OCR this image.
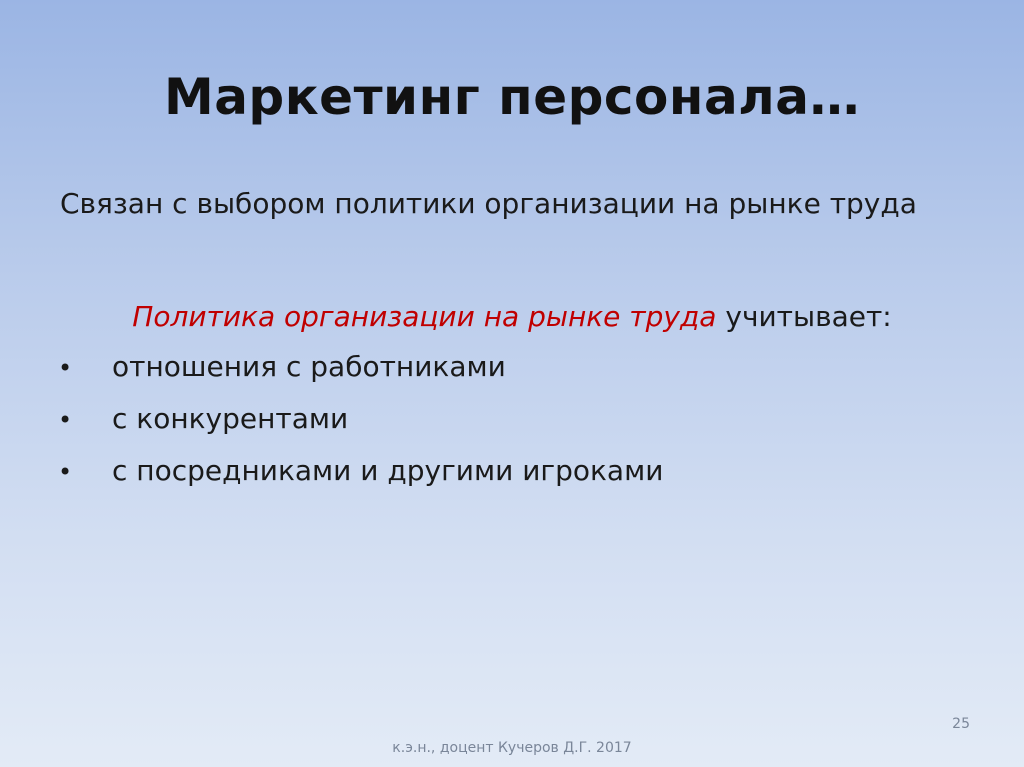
Маркетинг персонала…
Связан с выбором политики организации на рынке труда
Политика организации на рынке труда учитывает:
•	отношения с работниками
•	с конкурентами
•	с посредниками и другими игроками
25
к.э.н., доцент Кучеров Д.Г. 2017
